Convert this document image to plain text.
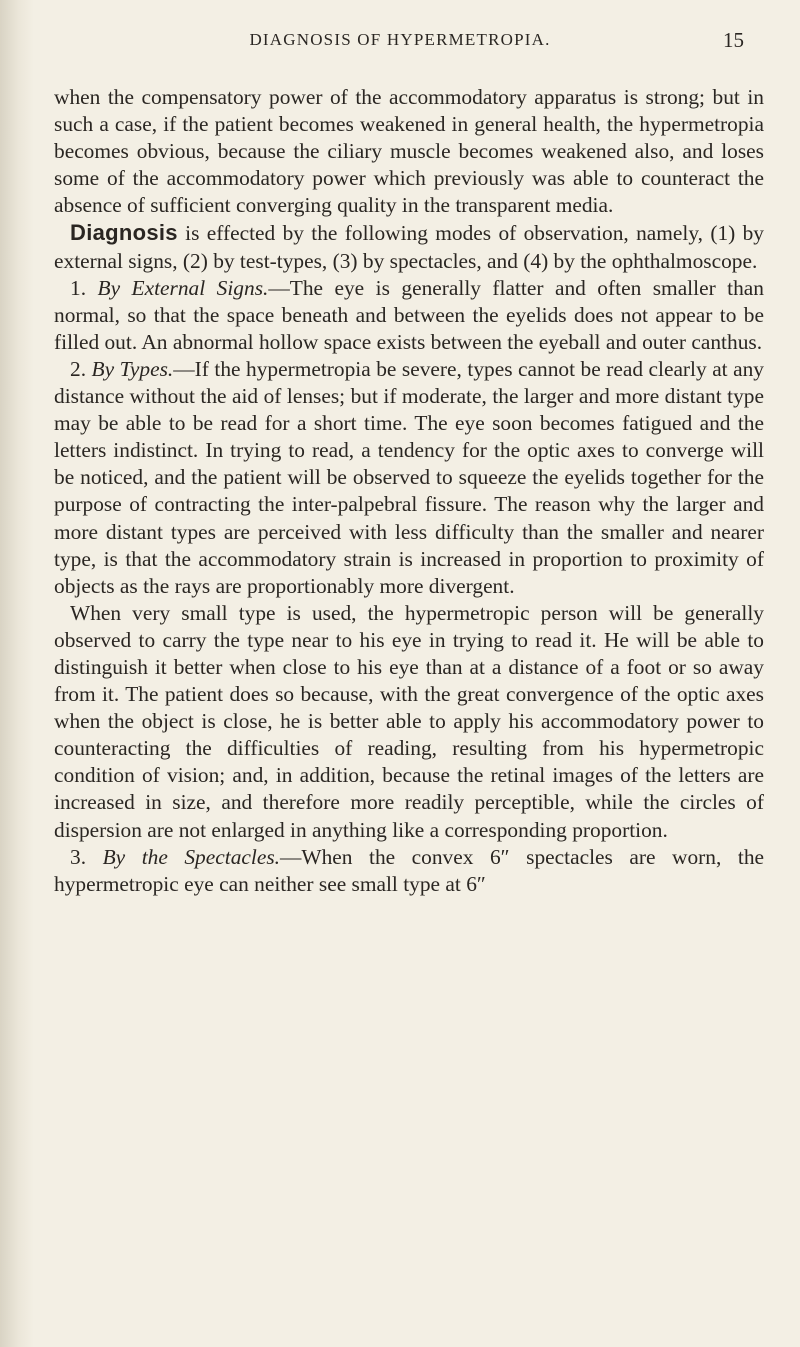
DIAGNOSIS OF HYPERMETROPIA.	15

when the compensatory power of the accommodatory apparatus is strong; but in such a case, if the patient becomes weakened in general health, the hypermetropia becomes obvious, because the ciliary muscle becomes weakened also, and loses some of the accommodatory power which previously was able to counteract the absence of sufficient converging quality in the transparent media.

Diagnosis is effected by the following modes of observation, namely, (1) by external signs, (2) by test-types, (3) by spectacles, and (4) by the ophthalmoscope.

1. By External Signs.—The eye is generally flatter and often smaller than normal, so that the space beneath and between the eyelids does not appear to be filled out. An abnormal hollow space exists between the eyeball and outer canthus.

2. By Types.—If the hypermetropia be severe, types cannot be read clearly at any distance without the aid of lenses; but if moderate, the larger and more distant type may be able to be read for a short time. The eye soon becomes fatigued and the letters indistinct. In trying to read, a tendency for the optic axes to converge will be noticed, and the patient will be observed to squeeze the eyelids together for the purpose of contracting the inter-palpebral fissure. The reason why the larger and more distant types are perceived with less difficulty than the smaller and nearer type, is that the accommodatory strain is increased in proportion to proximity of objects as the rays are proportionably more divergent.

When very small type is used, the hypermetropic person will be generally observed to carry the type near to his eye in trying to read it. He will be able to distinguish it better when close to his eye than at a distance of a foot or so away from it. The patient does so because, with the great convergence of the optic axes when the object is close, he is better able to apply his accommodatory power to counteracting the difficulties of reading, resulting from his hypermetropic condition of vision; and, in addition, because the retinal images of the letters are increased in size, and therefore more readily perceptible, while the circles of dispersion are not enlarged in anything like a corresponding proportion.

3. By the Spectacles.—When the convex 6″ spectacles are worn, the hypermetropic eye can neither see small type at 6″
